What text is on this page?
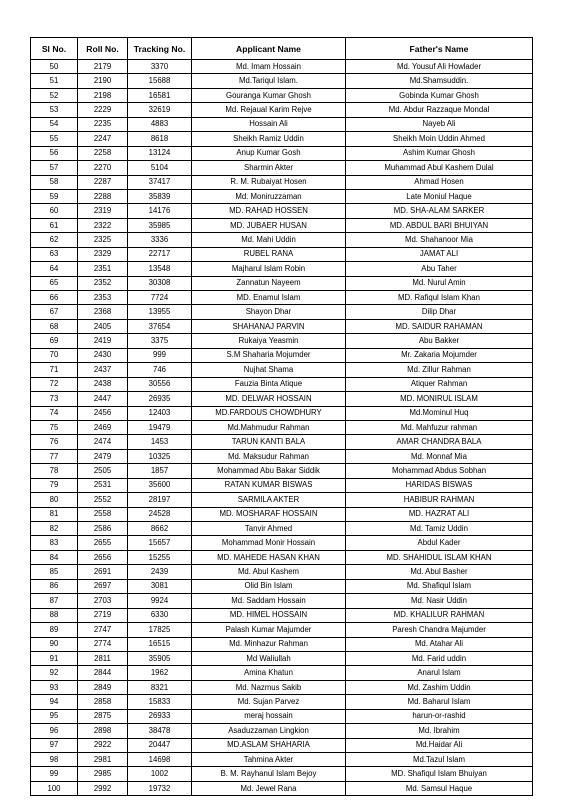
Sl No.	Roll No.	Tracking No.	Applicant Name	Father's Name
50	2179	3370	Md. Imam Hossain	Md. Yousuf Ali Howlader
51	2190	15688	Md.Tariqul Islam.	Md.Shamsuddin.
52	2198	16581	Gouranga Kumar Ghosh	Gobinda Kumar Ghosh
53	2229	32619	Md. Rejaual Karim Rejve	Md. Abdur Razzaque Mondal
54	2235	4883	Hossain Ali	Nayeb Ali
55	2247	8618	Sheikh Ramiz Uddin	Sheikh Moin Uddin Ahmed
56	2258	13124	Anup Kumar Gosh	Ashim Kumar Ghosh
57	2270	5104	Sharmin Akter	Muhammad Abul Kashem Dulal
58	2287	37417	R. M. Rubaiyat Hosen	Ahmad Hosen
59	2288	35839	Md. Moniruzzaman	Late Moniul Haque
60	2319	14176	MD. RAHAD HOSSEN	MD. SHA-ALAM SARKER
61	2322	35985	MD. JUBAER HUSAN	MD. ABDUL BARI BHUIYAN
62	2325	3336	Md. Mahi Uddin	Md. Shahanoor Mia
63	2329	22717	RUBEL RANA	JAMAT ALI
64	2351	13548	Majharul Islam Robin	Abu Taher
65	2352	30308	Zannatun Nayeem	Md. Nurul Amin
66	2353	7724	MD. Enamul Islam	MD. Rafiqul Islam Khan
67	2368	13955	Shayon Dhar	Dilip Dhar
68	2405	37654	SHAHANAJ PARVIN	MD. SAIDUR RAHAMAN
69	2419	3375	Rukaiya Yeasmin	Abu Bakker
70	2430	999	S.M Shaharia Mojumder	Mr. Zakaria Mojumder
71	2437	746	Nujhat Shama	Md. Zillur Rahman
72	2438	30556	Fauzia Binta Atique	Atiquer Rahman
73	2447	26935	MD. DELWAR HOSSAIN	MD. MONIRUL ISLAM
74	2456	12403	MD.FARDOUS CHOWDHURY	Md.Mominul Huq
75	2469	19479	Md.Mahmudur Rahman	Md. Mahfuzur rahman
76	2474	1453	TARUN KANTI BALA	AMAR CHANDRA BALA
77	2479	10325	Md. Maksudur Rahman	Md. Monnaf Mia
78	2505	1857	Mohammad Abu Bakar Siddik	Mohammad Abdus Sobhan
79	2531	35600	RATAN KUMAR BISWAS	HARIDAS BISWAS
80	2552	28197	SARMILA AKTER	HABIBUR RAHMAN
81	2558	24528	MD. MOSHARAF HOSSAIN	MD. HAZRAT ALI
82	2586	8662	Tanvir Ahmed	Md. Tamiz Uddin
83	2655	15657	Mohammad Monir Hossain	Abdul Kader
84	2656	15255	MD. MAHEDE HASAN KHAN	MD. SHAHIDUL ISLAM KHAN
85	2691	2439	Md. Abul Kashem	Md. Abul Basher
86	2697	3081	Olid Bin Islam	Md. Shafiqul Islam
87	2703	9924	Md. Saddam Hossain	Md. Nasir Uddin
88	2719	6330	MD. HIMEL HOSSAIN	MD. KHALILUR RAHMAN
89	2747	17825	Palash Kumar Majumder	Paresh Chandra Majumder
90	2774	16515	Md. Minhazur Rahman	Md. Atahar Ali
91	2811	35905	Md Waliullah	Md. Farid uddin
92	2844	1962	Amina Khatun	Anarul Islam
93	2849	8321	Md. Nazmus Sakib	Md. Zashim Uddin
94	2858	15833	Md. Sujan Parvez	Md. Baharul Islam
95	2875	26933	meraj hossain	harun-or-rashid
96	2898	38478	Asaduzzaman Lingkion	Md. Ibrahim
97	2922	20447	MD.ASLAM SHAHARIA	Md.Haidar Ali
98	2981	14698	Tahmina Akter	Md.Tazul Islam
99	2985	1002	B. M. Rayhanul Islam Bejoy	MD. Shafiqul Islam Bhuiyan
100	2992	19732	Md. Jewel Rana	Md. Samsul Haque
